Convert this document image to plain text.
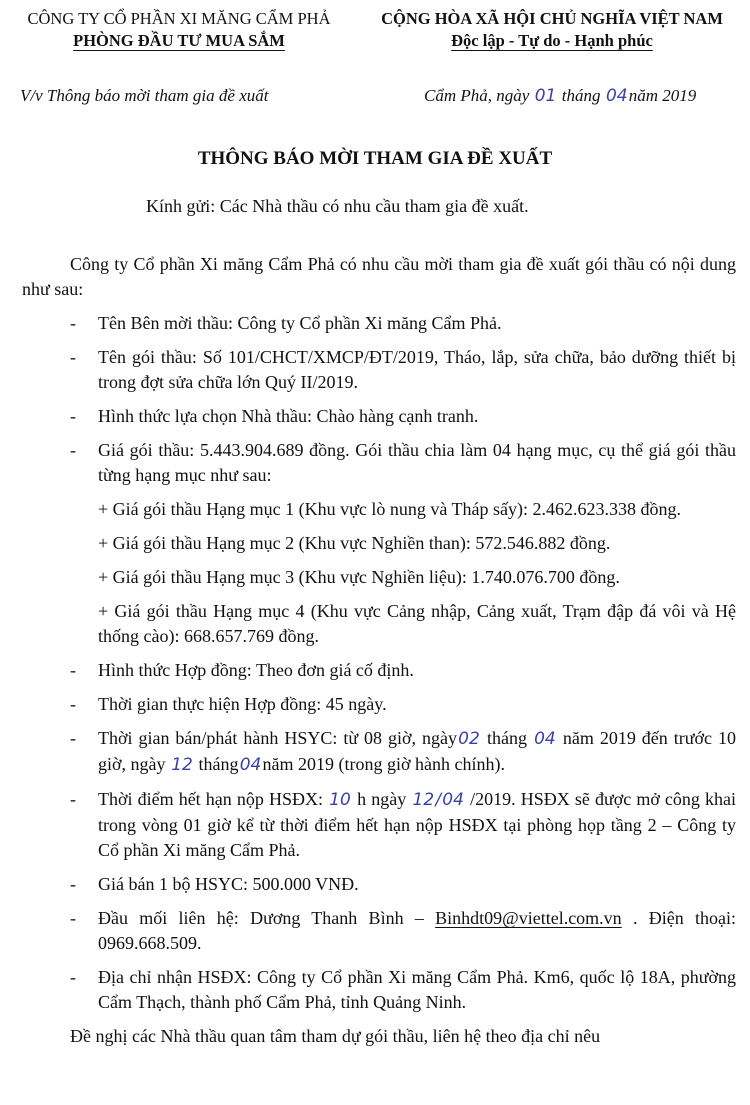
CÔNG TY CỔ PHẦN XI MĂNG CẨM PHẢ
PHÒNG ĐẦU TƯ MUA SẮM
CỘNG HÒA XÃ HỘI CHỦ NGHĨA VIỆT NAM
Độc lập - Tự do - Hạnh phúc
V/v Thông báo mời tham gia đề xuất	Cẩm Phả, ngày 01 tháng 04năm 2019
THÔNG BÁO MỜI THAM GIA ĐỀ XUẤT
Kính gửi: Các Nhà thầu có nhu cầu tham gia đề xuất.

Công ty Cổ phần Xi măng Cẩm Phả có nhu cầu mời tham gia đề xuất gói thầu có nội dung như sau:

- Tên Bên mời thầu: Công ty Cổ phần Xi măng Cẩm Phả.
- Tên gói thầu: Số 101/CHCT/XMCP/ĐT/2019, Tháo, lắp, sửa chữa, bảo dưỡng thiết bị trong đợt sửa chữa lớn Quý II/2019.
- Hình thức lựa chọn Nhà thầu: Chào hàng cạnh tranh.
- Giá gói thầu: 5.443.904.689 đồng. Gói thầu chia làm 04 hạng mục, cụ thể giá gói thầu từng hạng mục như sau:
+ Giá gói thầu Hạng mục 1 (Khu vực lò nung và Tháp sấy): 2.462.623.338 đồng.
+ Giá gói thầu Hạng mục 2 (Khu vực Nghiền than): 572.546.882 đồng.
+ Giá gói thầu Hạng mục 3 (Khu vực Nghiền liệu): 1.740.076.700 đồng.
+ Giá gói thầu Hạng mục 4 (Khu vực Cảng nhập, Cảng xuất, Trạm đập đá vôi và Hệ thống cào): 668.657.769 đồng.
- Hình thức Hợp đồng: Theo đơn giá cố định.
- Thời gian thực hiện Hợp đồng: 45 ngày.
- Thời gian bán/phát hành HSYC: từ 08 giờ, ngày02 tháng 04 năm 2019 đến trước 10 giờ, ngày 12 tháng04năm 2019 (trong giờ hành chính).
- Thời điểm hết hạn nộp HSĐX: 10 h ngày 12/04 /2019. HSĐX sẽ được mở công khai trong vòng 01 giờ kể từ thời điểm hết hạn nộp HSĐX tại phòng họp tầng 2 – Công ty Cổ phần Xi măng Cẩm Phả.
- Giá bán 1 bộ HSYC: 500.000 VNĐ.
- Đầu mối liên hệ: Dương Thanh Bình – Binhdt09@viettel.com.vn . Điện thoại: 0969.668.509.
- Địa chỉ nhận HSĐX: Công ty Cổ phần Xi măng Cẩm Phả. Km6, quốc lộ 18A, phường Cẩm Thạch, thành phố Cẩm Phả, tỉnh Quảng Ninh.

Đề nghị các Nhà thầu quan tâm tham dự gói thầu, liên hệ theo địa chỉ nêu
